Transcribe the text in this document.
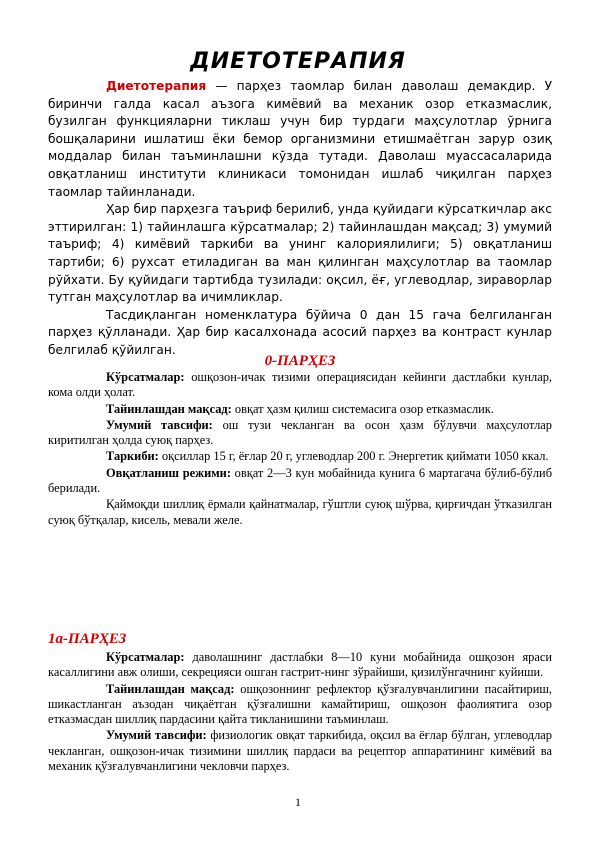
ДИЕТОТЕРАПИЯ

Диетотерапия — парҳез таомлар билан даволаш демакдир. У биринчи галда касал аъзога кимёвий ва механик озор етказмаслик, бузилган функцияларни тиклаш учун бир турдаги маҳсулотлар ўрнига бошқаларини ишлатиш ёки бемор организмини етишмаётган зарур озиқ моддалар билан таъминлашни кўзда тутади. Даволаш муассасаларида овқатланиш институти клиникаси томонидан ишлаб чиқилган парҳез таомлар тайинланади.

Ҳар бир парҳезга таъриф берилиб, унда қуйидаги кўрсаткичлар акс эттирилган: 1) тайинлашга кўрсатмалар; 2) тайинлашдан мақсад; 3) умумий таъриф; 4) кимёвий таркиби ва унинг калориялилиги; 5) овқатланиш тартиби; 6) рухсат етиладиган ва ман қилинган маҳсулотлар ва таомлар рўйхати. Бу қуйидаги тартибда тузилади: оқсил, ёғ, углеводлар, зираворлар тутган маҳсулотлар ва ичимликлар.

Тасдиқланган номенклатура бўйича 0 дан 15 гача белгиланган парҳез қўлланади. Ҳар бир касалхонада асосий парҳез ва контраст кунлар белгилаб қўйилган.

0-ПАРҲЕЗ

Кўрсатмалар: ошқозон-ичак тизими операциясидан кейинги дастлабки кунлар, кома олди ҳолат.

Тайинлашдан мақсад: овқат ҳазм қилиш системасига озор етказмаслик.

Умумий тавсифи: ош тузи чекланган ва осон ҳазм бўлувчи маҳсулотлар киритилган ҳолда суюқ парҳез.

Таркиби: оқсиллар 15 г, ёғлар 20 г, углеводлар 200 г. Энергетик қиймати 1050 ккал.

Овқатланиш режими: овқат 2—3 кун мобайнида кунига 6 мартагача бўлиб-бўлиб берилади.

Қаймоқди шиллиқ ёрмали қайнатмалар, гўштли суюқ шўрва, қирғичдан ўтказилган суюқ бўтқалар, кисель, мевали желе.

1а-ПАРҲЕЗ

Кўрсатмалар: даволашнинг дастлабки 8—10 куни мобайнида ошқозон яраси касаллигини авж олиши, секрецияси ошган гастрит-нинг зўрайиши, қизилўнгачнинг куйиши.

Тайинлашдан мақсад: ошқозоннинг рефлектор қўзғалувчанлигини пасайтириш, шикастланган аъзодан чиқаётган қўзғалишни камайтириш, ошқозон фаолиятига озор етказмасдан шиллиқ пардасини қайта тикланишини таъминлаш.

Умумий тавсифи: физиологик овқат таркибида, оқсил ва ёғлар бўлган, углеводлар чекланган, ошқозон-ичак тизимини шиллиқ пардаси ва рецептор аппаратининг кимёвий ва механик қўзғалувчанлигини чекловчи парҳез.

1
